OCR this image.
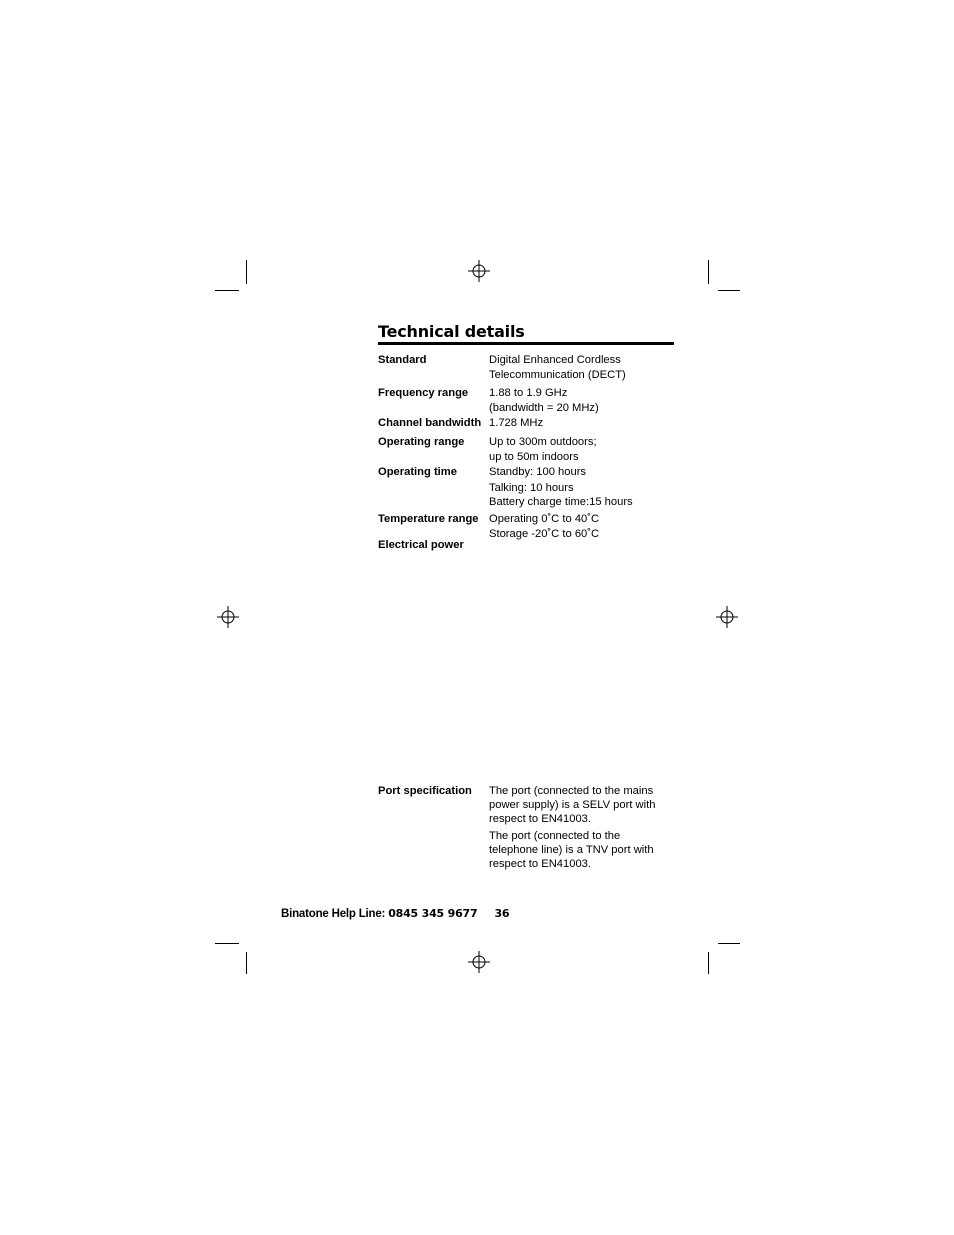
Technical details
Standard	Digital Enhanced Cordless
Telecommunication (DECT)
Frequency range 1.88 to 1.9 GHz
(bandwidth = 20 MHz)
Channel bandwidth 1.728 MHz
Operating range Up to 300m outdoors;
up to 50m indoors
Operating time	Standby: 100 hours
Talking: 10 hours
Battery charge time:15 hours
Temperature range Operating 0˚C to 40˚C
Storage -20˚C to 60˚C
Electrical power
Port specification The port (connected to the mains
power supply) is a SELV port with
respect to EN41003.
The port (connected to the
telephone line) is a TNV port with
respect to EN41003.
Binatone Help Line: 0845 345 9677 36
